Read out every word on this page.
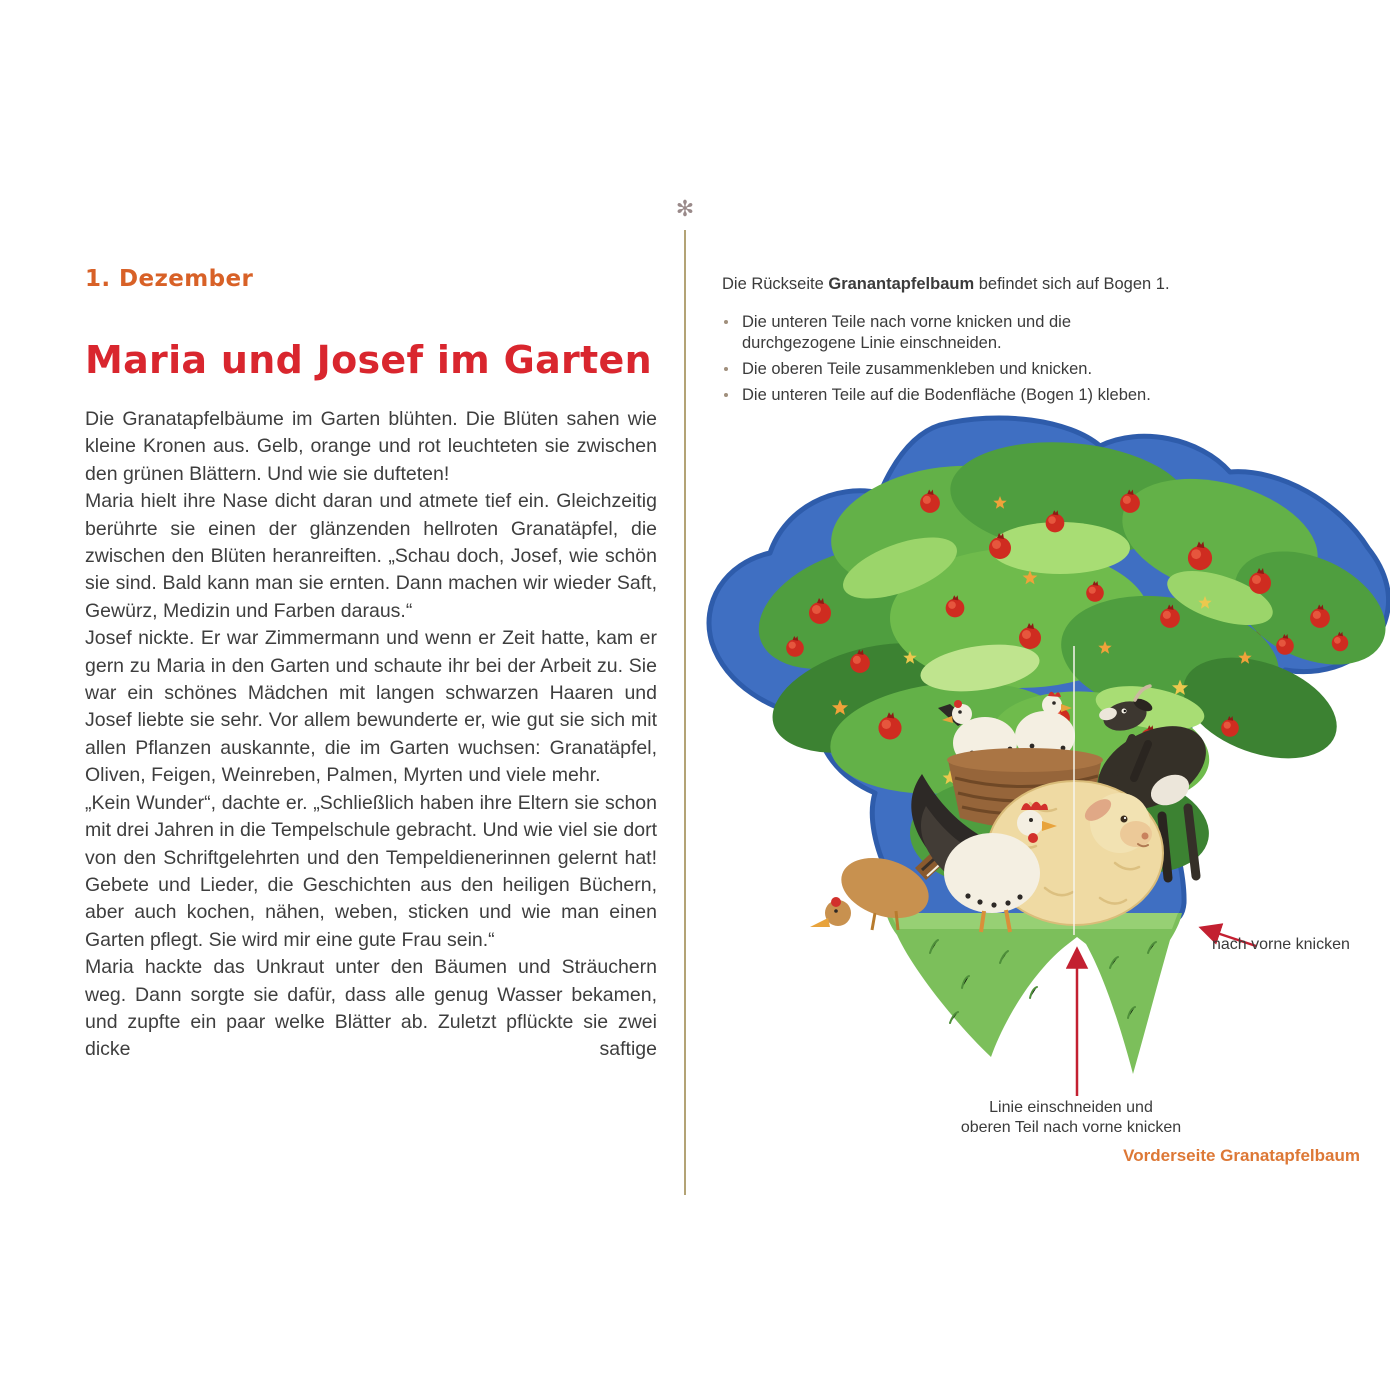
1. Dezember
Maria und Josef im Garten

Die Granatapfelbäume im Garten blühten. Die Blüten sahen wie kleine Kronen aus. Gelb, orange und rot leuchteten sie zwischen den grünen Blättern. Und wie sie dufteten!

Maria hielt ihre Nase dicht daran und atmete tief ein. Gleichzeitig berührte sie einen der glänzenden hellroten Granatäpfel, die zwischen den Blüten heranreiften. „Schau doch, Josef, wie schön sie sind. Bald kann man sie ernten. Dann machen wir wieder Saft, Gewürz, Medizin und Farben daraus.“

Josef nickte. Er war Zimmermann und wenn er Zeit hatte, kam er gern zu Maria in den Garten und schaute ihr bei der Arbeit zu. Sie war ein schönes Mädchen mit langen schwarzen Haaren und Josef liebte sie sehr. Vor allem bewunderte er, wie gut sie sich mit allen Pflanzen auskannte, die im Garten wuchsen: Granatäpfel, Oliven, Feigen, Weinreben, Palmen, Myrten und viele mehr.

„Kein Wunder“, dachte er. „Schließlich haben ihre Eltern sie schon mit drei Jahren in die Tempelschule gebracht. Und wie viel sie dort von den Schriftgelehrten und den Tempeldienerinnen gelernt hat! Gebete und Lieder, die Geschichten aus den heiligen Büchern, aber auch kochen, nähen, weben, sticken und wie man einen Garten pflegt. Sie wird mir eine gute Frau sein.“

Maria hackte das Unkraut unter den Bäumen und Sträuchern weg. Dann sorgte sie dafür, dass alle genug Wasser bekamen, und zupfte ein paar welke Blätter ab. Zuletzt pflückte sie zwei dicke saftige

✻

Die Rückseite Granantapfelbaum befindet sich auf Bogen 1.

Die unteren Teile nach vorne knicken und die durchgezogene Linie einschneiden.
Die oberen Teile zusammenkleben und knicken.
Die unteren Teile auf die Bodenfläche (Bogen 1) kleben.
nach vorne knicken
Linie einschneiden und
oberen Teil nach vorne knicken
Vorderseite Granatapfelbaum
